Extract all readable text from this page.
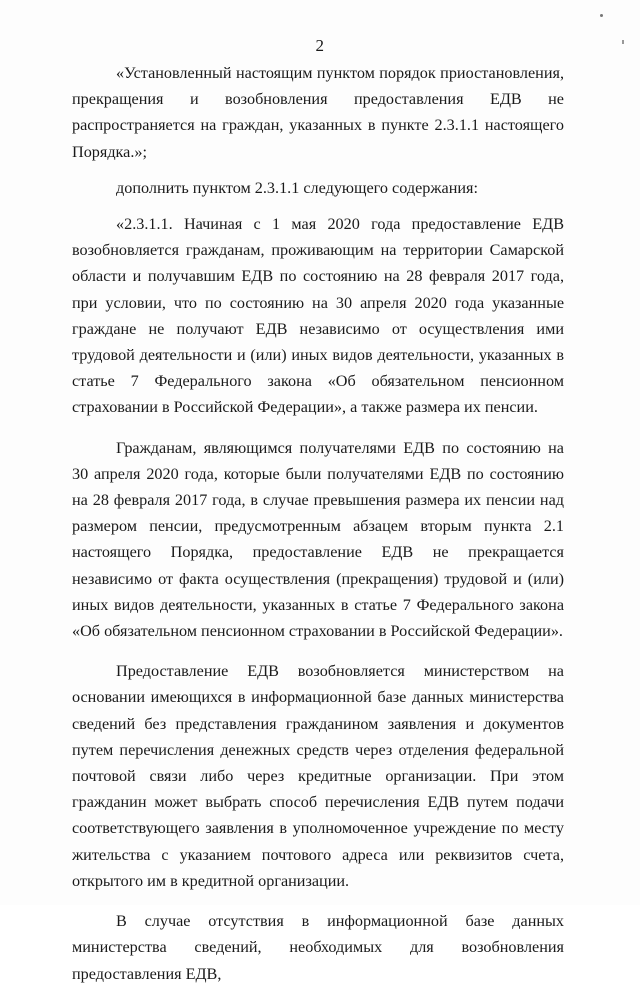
2

«Установленный настоящим пунктом порядок приостановления, прекращения и возобновления предоставления ЕДВ не распространяется на граждан, указанных в пункте 2.3.1.1 настоящего Порядка.»;

дополнить пунктом 2.3.1.1 следующего содержания:

«2.3.1.1. Начиная с 1 мая 2020 года предоставление ЕДВ возобновляется гражданам, проживающим на территории Самарской области и получавшим ЕДВ по состоянию на 28 февраля 2017 года, при условии, что по состоянию на 30 апреля 2020 года указанные граждане не получают ЕДВ независимо от осуществления ими трудовой деятельности и (или) иных видов деятельности, указанных в статье 7 Федерального закона «Об обязательном пенсионном страховании в Российской Федерации», а также размера их пенсии.

Гражданам, являющимся получателями ЕДВ по состоянию на 30 апреля 2020 года, которые были получателями ЕДВ по состоянию на 28 февраля 2017 года, в случае превышения размера их пенсии над размером пенсии, предусмотренным абзацем вторым пункта 2.1 настоящего Порядка, предоставление ЕДВ не прекращается независимо от факта осуществления (прекращения) трудовой и (или) иных видов деятельности, указанных в статье 7 Федерального закона «Об обязательном пенсионном страховании в Российской Федерации».

Предоставление ЕДВ возобновляется министерством на основании имеющихся в информационной базе данных министерства сведений без представления гражданином заявления и документов путем перечисления денежных средств через отделения федеральной почтовой связи либо через кредитные организации. При этом гражданин может выбрать способ перечисления ЕДВ путем подачи соответствующего заявления в уполномоченное учреждение по месту жительства с указанием почтового адреса или реквизитов счета, открытого им в кредитной организации.

В случае отсутствия в информационной базе данных министерства сведений, необходимых для возобновления предоставления ЕДВ,
